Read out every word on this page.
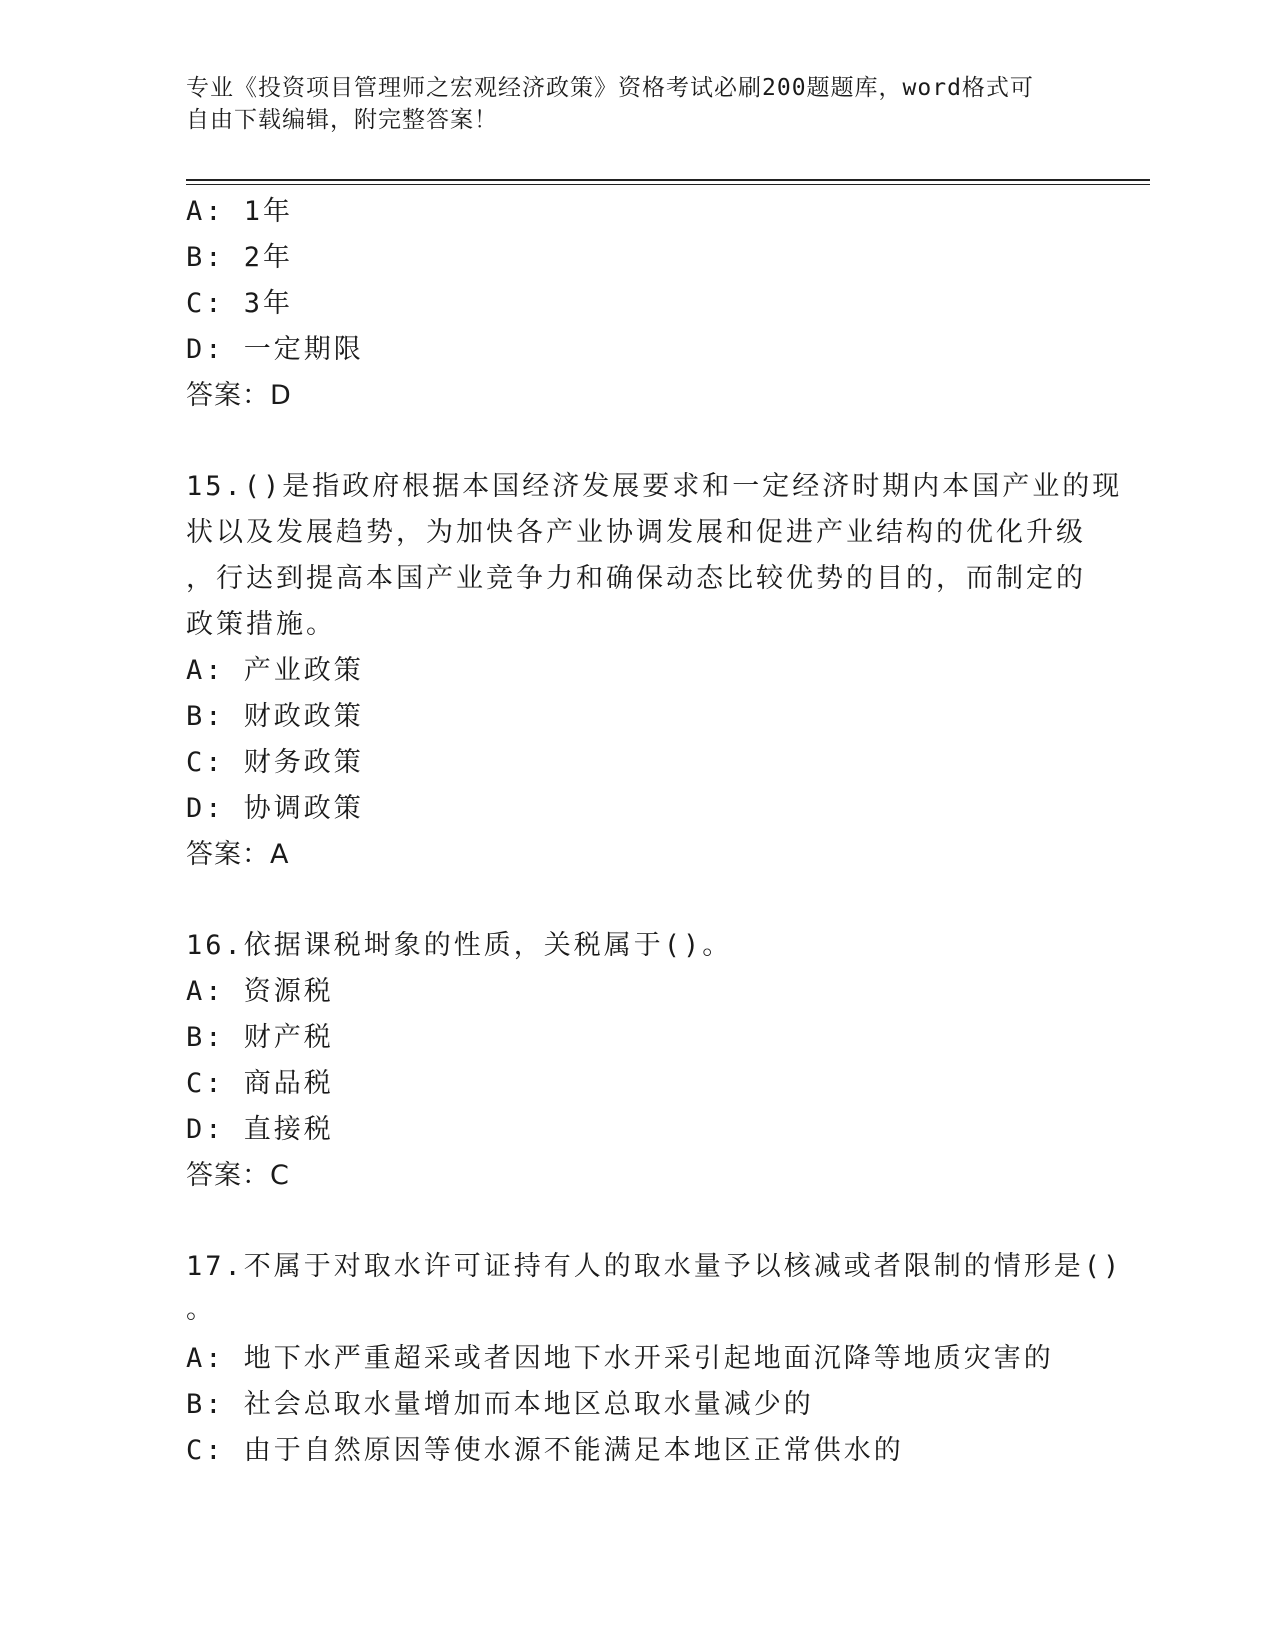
专业《投资项目管理师之宏观经济政策》资格考试必刷200题题库，word格式可
自由下载编辑，附完整答案！
A: 1年
B: 2年
C: 3年
D: 一定期限
答案：D
15.()是指政府根据本国经济发展要求和一定经济时期内本国产业的现
状以及发展趋势，为加快各产业协调发展和促进产业结构的优化升级
，行达到提高本国产业竞争力和确保动态比较优势的目的，而制定的
政策措施。
A: 产业政策
B: 财政政策
C: 财务政策
D: 协调政策
答案：A
16.依据课税埘象的性质，关税属于()。
A: 资源税
B: 财产税
C: 商品税
D: 直接税
答案：C
17.不属于对取水许可证持有人的取水量予以核减或者限制的情形是()
。
A: 地下水严重超采或者因地下水开采引起地面沉降等地质灾害的
B: 社会总取水量增加而本地区总取水量减少的
C: 由于自然原因等使水源不能满足本地区正常供水的
